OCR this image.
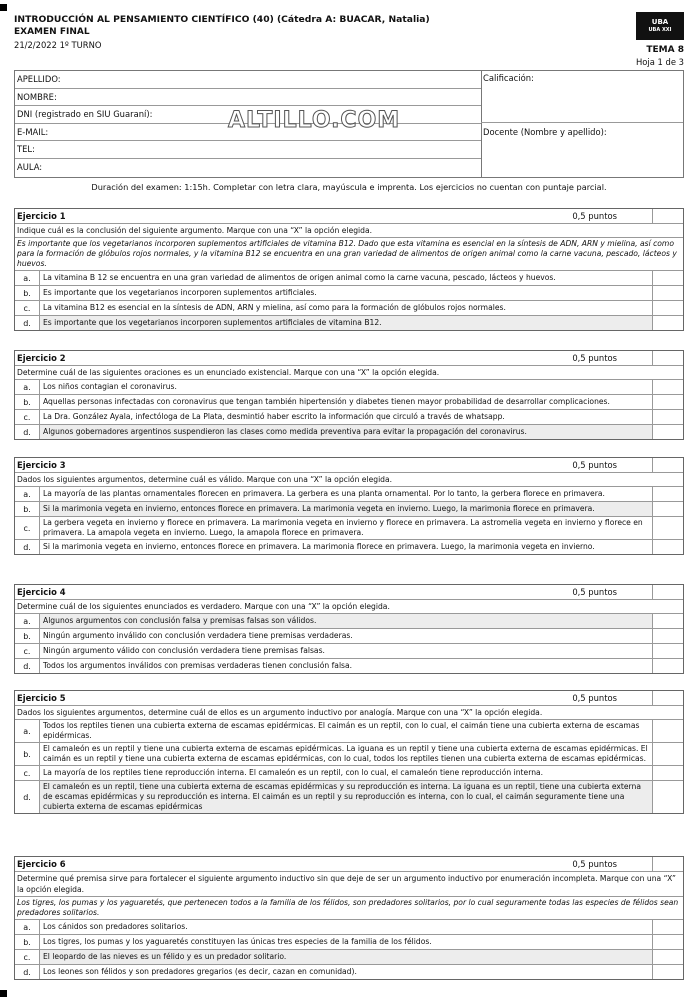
INTRODUCCIÓN AL PENSAMIENTO CIENTÍFICO (40) (Cátedra A: BUACAR, Natalia)
EXAMEN FINAL
21/2/2022 1º TURNO
UBA
UBA XXI
TEMA 8
Hoja 1 de 3
APELLIDO:
NOMBRE:
DNI (registrado en SIU Guaraní):
E-MAIL:
TEL:
AULA:
Calificación:
Docente (Nombre y apellido):
ALTILLO.COM
Duración del examen: 1:15h. Completar con letra clara, mayúscula e imprenta. Los ejercicios no cuentan con puntaje parcial.
Ejercicio 1	0,5 puntos
Indique cuál es la conclusión del siguiente argumento. Marque con una “X” la opción elegida.
Es importante que los vegetarianos incorporen suplementos artificiales de vitamina B12. Dado que esta vitamina es esencial en la síntesis de ADN, ARN y mielina, así como para la formación de glóbulos rojos normales, y la vitamina B12 se encuentra en una gran variedad de alimentos de origen animal como la carne vacuna, pescado, lácteos y huevos.
a.	La vitamina B 12 se encuentra en una gran variedad de alimentos de origen animal como la carne vacuna, pescado, lácteos y huevos.
b.	Es importante que los vegetarianos incorporen suplementos artificiales.
c.	La vitamina B12 es esencial en la síntesis de ADN, ARN y mielina, así como para la formación de glóbulos rojos normales.
d.	Es importante que los vegetarianos incorporen suplementos artificiales de vitamina B12.
Ejercicio 2	0,5 puntos
Determine cuál de las siguientes oraciones es un enunciado existencial. Marque con una “X” la opción elegida.
a.	Los niños contagian el coronavirus.
b.	Aquellas personas infectadas con coronavirus que tengan también hipertensión y diabetes tienen mayor probabilidad de desarrollar complicaciones.
c.	La Dra. González Ayala, infectóloga de La Plata, desmintió haber escrito la información que circuló a través de whatsapp.
d.	Algunos gobernadores argentinos suspendieron las clases como medida preventiva para evitar la propagación del coronavirus.
Ejercicio 3	0,5 puntos
Dados los siguientes argumentos, determine cuál es válido. Marque con una “X” la opción elegida.
a.	La mayoría de las plantas ornamentales florecen en primavera. La gerbera es una planta ornamental. Por lo tanto, la gerbera florece en primavera.
b.	Si la marimonia vegeta en invierno, entonces florece en primavera. La marimonia vegeta en invierno. Luego, la marimonia florece en primavera.
c.
La gerbera vegeta en invierno y florece en primavera. La marimonia vegeta en invierno y florece en primavera. La astromelia vegeta en invierno y florece en primavera. La amapola vegeta en invierno. Luego, la amapola florece en primavera.
d.	Si la marimonia vegeta en invierno, entonces florece en primavera. La marimonia florece en primavera. Luego, la marimonia vegeta en invierno.
Ejercicio 4	0,5 puntos
Determine cuál de los siguientes enunciados es verdadero. Marque con una “X” la opción elegida.
a.	Algunos argumentos con conclusión falsa y premisas falsas son válidos.
b.	Ningún argumento inválido con conclusión verdadera tiene premisas verdaderas.
c.	Ningún argumento válido con conclusión verdadera tiene premisas falsas.
d.	Todos los argumentos inválidos con premisas verdaderas tienen conclusión falsa.
Ejercicio 5	0,5 puntos
Dados los siguientes argumentos, determine cuál de ellos es un argumento inductivo por analogía. Marque con una “X” la opción elegida.
a.
Todos los reptiles tienen una cubierta externa de escamas epidérmicas. El caimán es un reptil, con lo cual, el caimán tiene una cubierta externa de escamas epidérmicas.
b.
El camaleón es un reptil y tiene una cubierta externa de escamas epidérmicas. La iguana es un reptil y tiene una cubierta externa de escamas epidérmicas. El caimán es un reptil y tiene una cubierta externa de escamas epidérmicas, con lo cual, todos los reptiles tienen una cubierta externa de escamas epidérmicas.
c.	La mayoría de los reptiles tiene reproducción interna. El camaleón es un reptil, con lo cual, el camaleón tiene reproducción interna.
d.
El camaleón es un reptil, tiene una cubierta externa de escamas epidérmicas y su reproducción es interna. La iguana es un reptil, tiene una cubierta externa de escamas epidérmicas y su reproducción es interna. El caimán es un reptil y su reproducción es interna, con lo cual, el caimán seguramente tiene una cubierta externa de escamas epidérmicas
Ejercicio 6	0,5 puntos
Determine qué premisa sirve para fortalecer el siguiente argumento inductivo sin que deje de ser un argumento inductivo por enumeración incompleta. Marque con una “X” la opción elegida.
Los tigres, los pumas y los yaguaretés, que pertenecen todos a la familia de los félidos, son predadores solitarios, por lo cual seguramente todas las especies de félidos sean predadores solitarios.
a.	Los cánidos son predadores solitarios.
b.	Los tigres, los pumas y los yaguaretés constituyen las únicas tres especies de la familia de los félidos.
c.	El leopardo de las nieves es un félido y es un predador solitario.
d.	Los leones son félidos y son predadores gregarios (es decir, cazan en comunidad).
